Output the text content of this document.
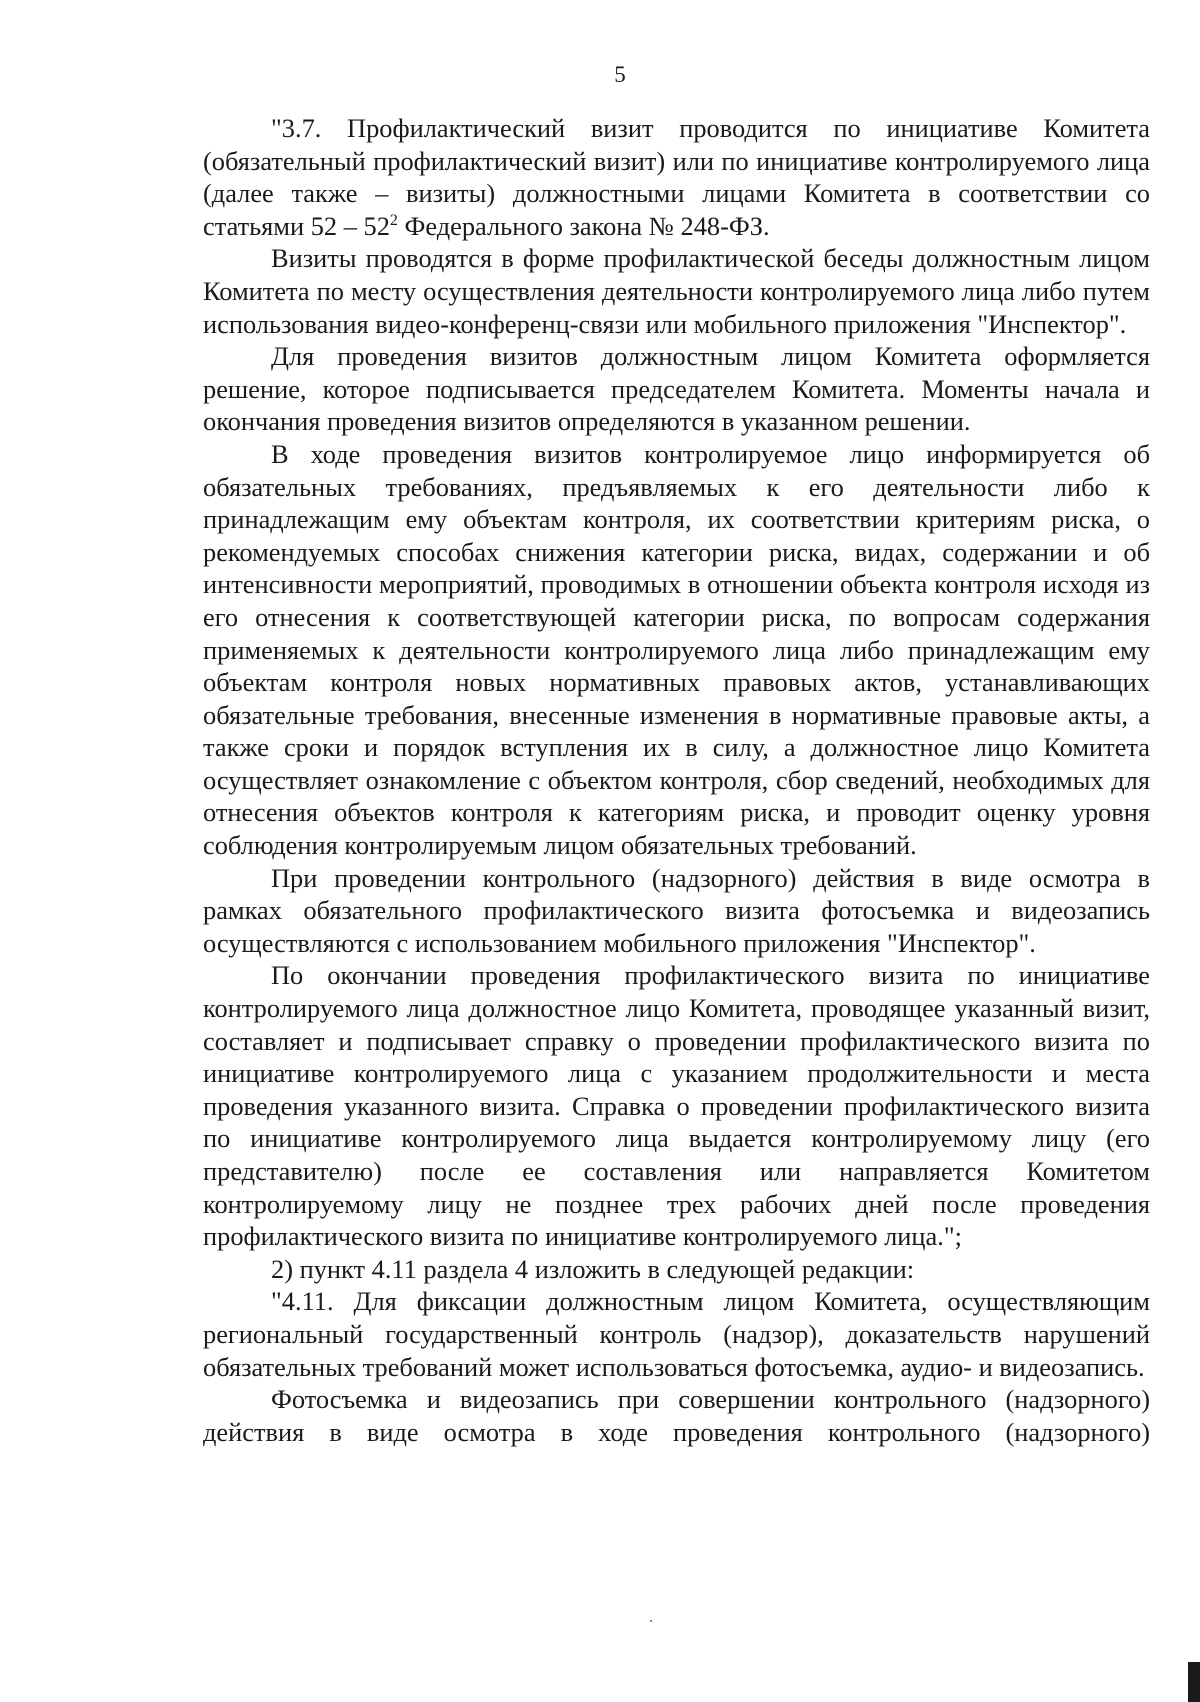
5

"3.7. Профилактический визит проводится по инициативе Комитета (обязательный профилактический визит) или по инициативе контролируемого лица (далее также – визиты) должностными лицами Комитета в соответствии со статьями $52 - 52^2$ Федерального закона № 248-ФЗ.

Визиты проводятся в форме профилактической беседы должностным лицом Комитета по месту осуществления деятельности контролируемого лица либо путем использования видео-конференц-связи или мобильного приложения "Инспектор".

Для проведения визитов должностным лицом Комитета оформляется решение, которое подписывается председателем Комитета. Моменты начала и окончания проведения визитов определяются в указанном решении.

В ходе проведения визитов контролируемое лицо информируется об обязательных требованиях, предъявляемых к его деятельности либо к принадлежащим ему объектам контроля, их соответствии критериям риска, о рекомендуемых способах снижения категории риска, видах, содержании и об интенсивности мероприятий, проводимых в отношении объекта контроля исходя из его отнесения к соответствующей категории риска, по вопросам содержания применяемых к деятельности контролируемого лица либо принадлежащим ему объектам контроля новых нормативных правовых актов, устанавливающих обязательные требования, внесенные изменения в нормативные правовые акты, а также сроки и порядок вступления их в силу, а должностное лицо Комитета осуществляет ознакомление с объектом контроля, сбор сведений, необходимых для отнесения объектов контроля к категориям риска, и проводит оценку уровня соблюдения контролируемым лицом обязательных требований.

При проведении контрольного (надзорного) действия в виде осмотра в рамках обязательного профилактического визита фотосъемка и видеозапись осуществляются с использованием мобильного приложения "Инспектор".

По окончании проведения профилактического визита по инициативе контролируемого лица должностное лицо Комитета, проводящее указанный визит, составляет и подписывает справку о проведении профилактического визита по инициативе контролируемого лица с указанием продолжительности и места проведения указанного визита. Справка о проведении профилактического визита по инициативе контролируемого лица выдается контролируемому лицу (его представителю) после ее составления или направляется Комитетом контролируемому лицу не позднее трех рабочих дней после проведения профилактического визита по инициативе контролируемого лица.";

2) пункт 4.11 раздела 4 изложить в следующей редакции:

"4.11. Для фиксации должностным лицом Комитета, осуществляющим региональный государственный контроль (надзор), доказательств нарушений обязательных требований может использоваться фотосъемка, аудио- и видеозапись.

Фотосъемка и видеозапись при совершении контрольного (надзорного) действия в виде осмотра в ходе проведения контрольного (надзорного)
